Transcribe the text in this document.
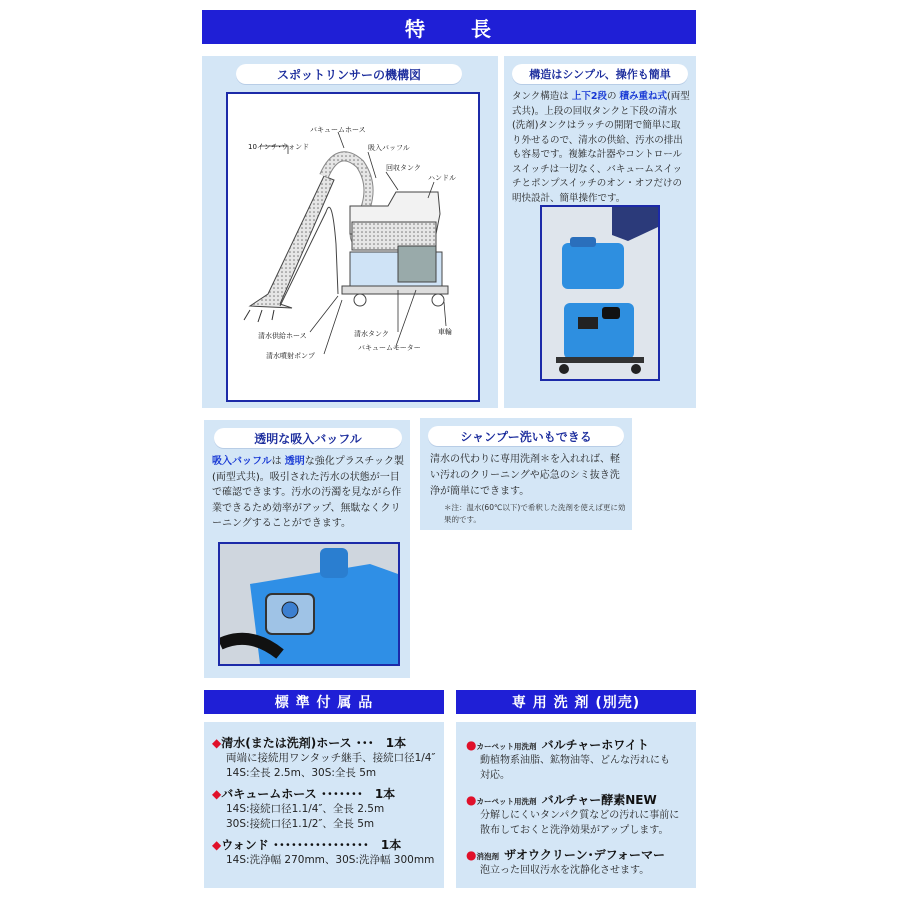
特　　長
スポットリンサーの機構図
バキュームホース
10インチ･ウォンド	吸入バッフル
回収タンク
ハンドル
清水供給ホース
清水噴射ポンプ
清水タンク
バキュームモーター
車輪
構造はシンプル、操作も簡単
タンク構造は 上下2段の 積み重ね式(両型式共)。上段の回収タンクと下段の清水(洗剤)タンクはラッチの開閉で簡単に取り外せるので、清水の供給、汚水の排出も容易です。複雑な計器やコントロールスイッチは一切なく、バキュームスイッチとポンプスイッチのオン・オフだけの明快設計、簡単操作です。
透明な吸入バッフル
吸入バッフルは 透明な強化プラスチック製(両型式共)。吸引された汚水の状態が一目で確認できます。汚水の汚濁を見ながら作業できるため効率がアップ、無駄なくクリーニングすることができます。
シャンプー洗いもできる
清水の代わりに専用洗剤＊を入れれば、軽い汚れのクリーニングや応急のシミ抜き洗浄が簡単にできます。
＊注：温水(60℃以下)で希釈した洗剤を使えば更に効果的です。
標 準 付 属 品
◆清水(または洗剤)ホース ･･･　1本
両端に接続用ワンタッチ継手、接続口径1/4″
14S:全長 2.5m、30S:全長 5m
◆バキュームホース ･･･････　1本
14S:接続口径1.1/4″、全長 2.5m
30S:接続口径1.1/2″、全長 5m
◆ウォンド ････････････････　1本
14S:洗浄幅 270mm、30S:洗浄幅 300mm
専 用 洗 剤 (別売)
●カーペット用洗剤 バルチャーホワイト
動植物系油脂、鉱物油等、どんな汚れにも
対応。
●カーペット用洗剤 バルチャー酵素NEW
分解しにくいタンパク質などの汚れに事前に
散布しておくと洗浄効果がアップします。
●消泡剤 ザオウクリーン･デフォーマー
泡立った回収汚水を沈静化させます。
